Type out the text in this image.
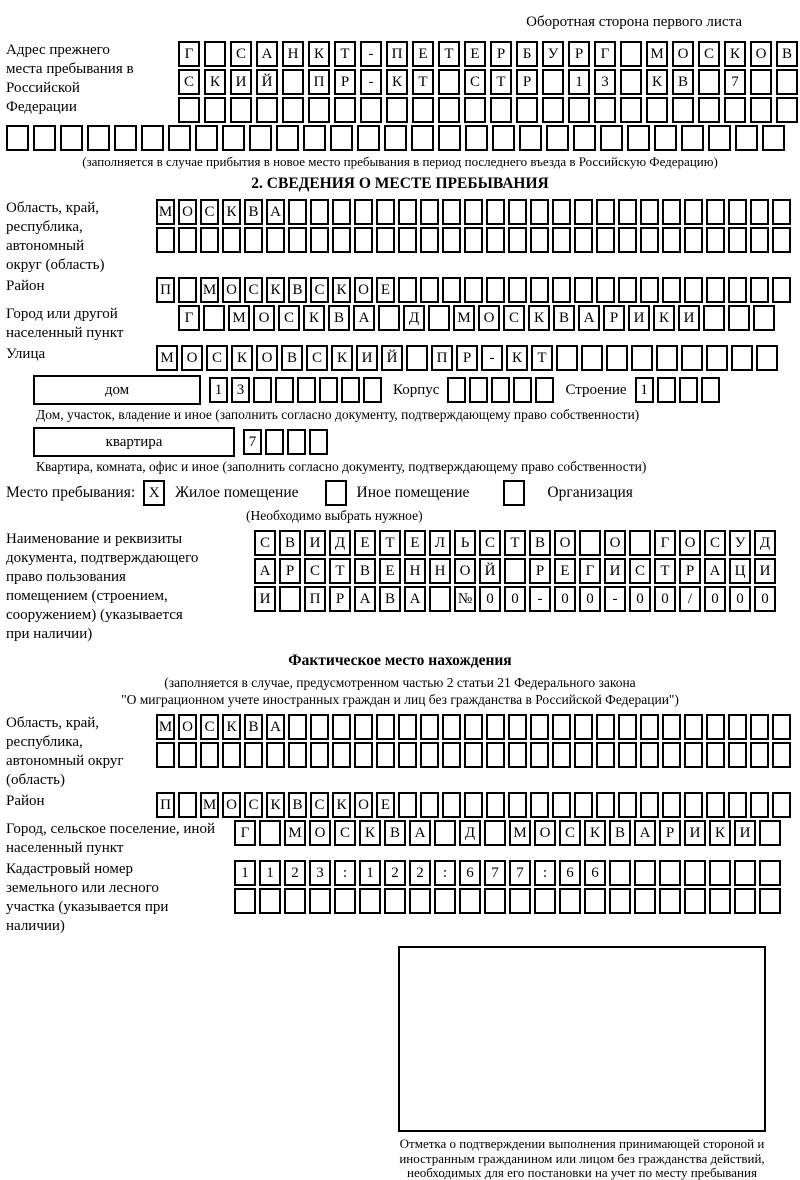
Оборотная сторона первого листа
Адрес прежнего места пребывания в Российской Федерации
Г	С	А	Н	К	Т	-	П	Е	Т	Е	Р	Б	У	Р	Г	М О	С	К	О	В
С	К	И	Й	П	Р	-	К	Т	С	Т	Р	1	3	К	В	7
(заполняется в случае прибытия в новое место пребывания в период последнего въезда в Российскую Федерацию)
2. СВЕДЕНИЯ О МЕСТЕ ПРЕБЫВАНИЯ
Область, край, республика, автономный округ (область)
М О С К В А
Район	П М О С К В С К О Е
Город или другой населенный пункт
Г	М О С К В А	Д	М О С К В А	Р	И К И
Улица	М О С К О В С К И Й	П	Р	-	К	Т
дом	1 3	Корпус	Строение 1
Дом, участок, владение и иное (заполнить согласно документу, подтверждающему право собственности)
квартира	7
Квартира, комната, офис и иное (заполнить согласно документу, подтверждающему право собственности)
Место пребывания: X	Жилое помещение	Иное помещение	Организация
(Необходимо выбрать нужное)
Наименование и реквизиты документа, подтверждающего право пользования помещением (строением, сооружением) (указывается при наличии)
С В И Д	Е	Т	Е	Л	Ь	С	Т	В О	О	Г	О С У Д
А	Р	С	Т	В	Е	Н Н О Й	Р	Е	Г	И С	Т	Р	А Ц И
И	П	Р	А В А	№ 0	0	-	0	0	-	0	0	/	0	0	0
Фактическое место нахождения
(заполняется в случае, предусмотренном частью 2 статьи 21 Федерального закона
"О миграционном учете иностранных граждан и лиц без гражданства в Российской Федерации")
Область, край, республика, автономный округ (область)
М О С К В А
Район	П М О С К В С К О Е
Город, сельское поселение, иной населенный пункт
Г	М О С К В А	Д	М О С К В А	Р	И К И
Кадастровый номер земельного или лесного участка (указывается при наличии)
1	1	2	3	:	1	2	2	:	6	7	7	:	6	6
Отметка о подтверждении выполнения принимающей стороной и иностранным гражданином или лицом без гражданства действий, необходимых для его постановки на учет по месту пребывания
